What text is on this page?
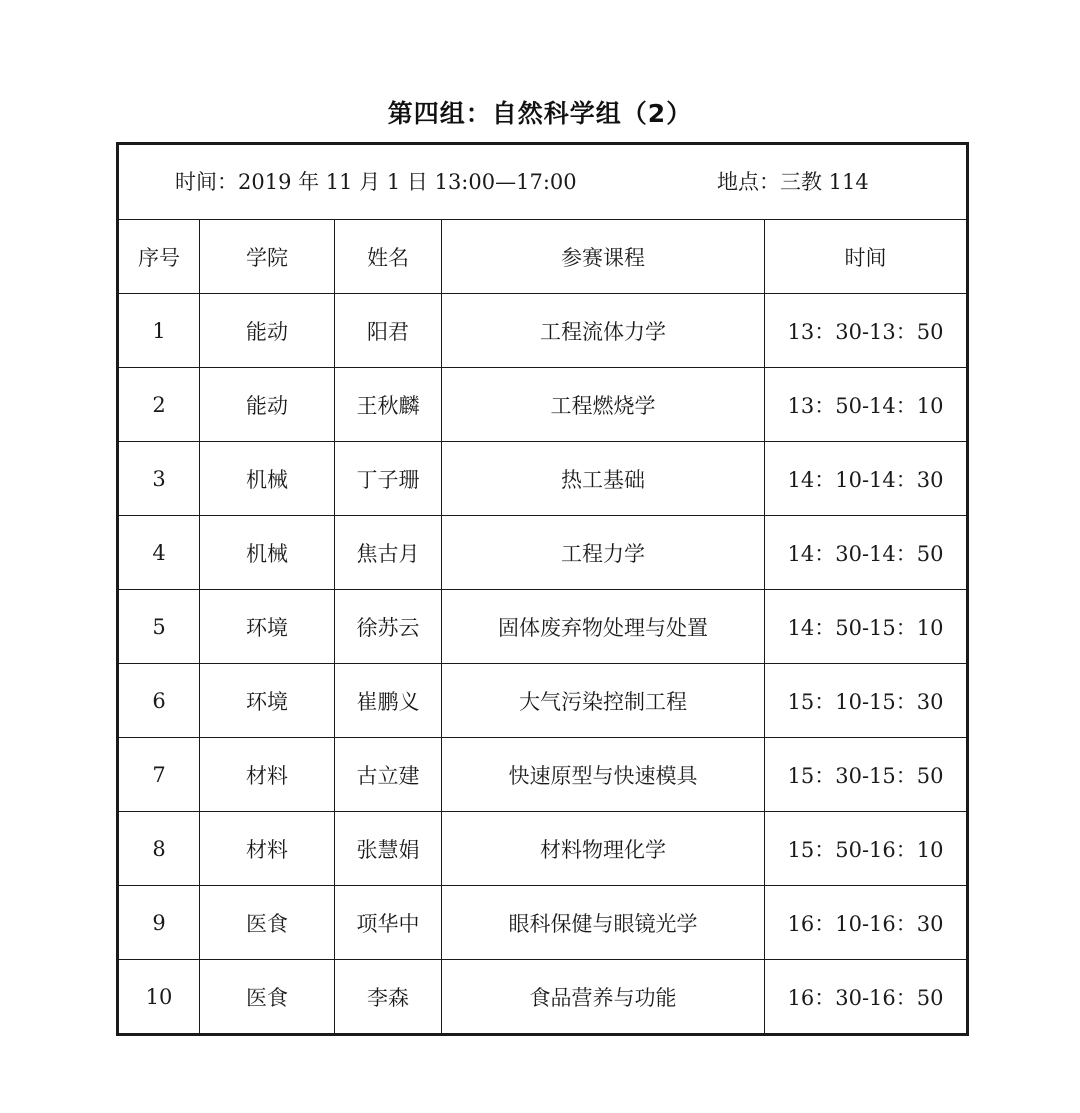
第四组：自然科学组（2）
时间：2019 年 11 月 1 日 13:00—17:00 地点：三教 114				

序号	学院	姓名	参赛课程	时间
1	能动	阳君	工程流体力学	13：30-13：50
2	能动	王秋麟	工程燃烧学	13：50-14：10
3	机械	丁子珊	热工基础	14：10-14：30
4	机械	焦古月	工程力学	14：30-14：50
5	环境	徐苏云	固体废弃物处理与处置	14：50-15：10
6	环境	崔鹏义	大气污染控制工程	15：10-15：30
7	材料	古立建	快速原型与快速模具	15：30-15：50
8	材料	张慧娟	材料物理化学	15：50-16：10
9	医食	项华中	眼科保健与眼镜光学	16：10-16：30
10	医食	李森	食品营养与功能	16：30-16：50
